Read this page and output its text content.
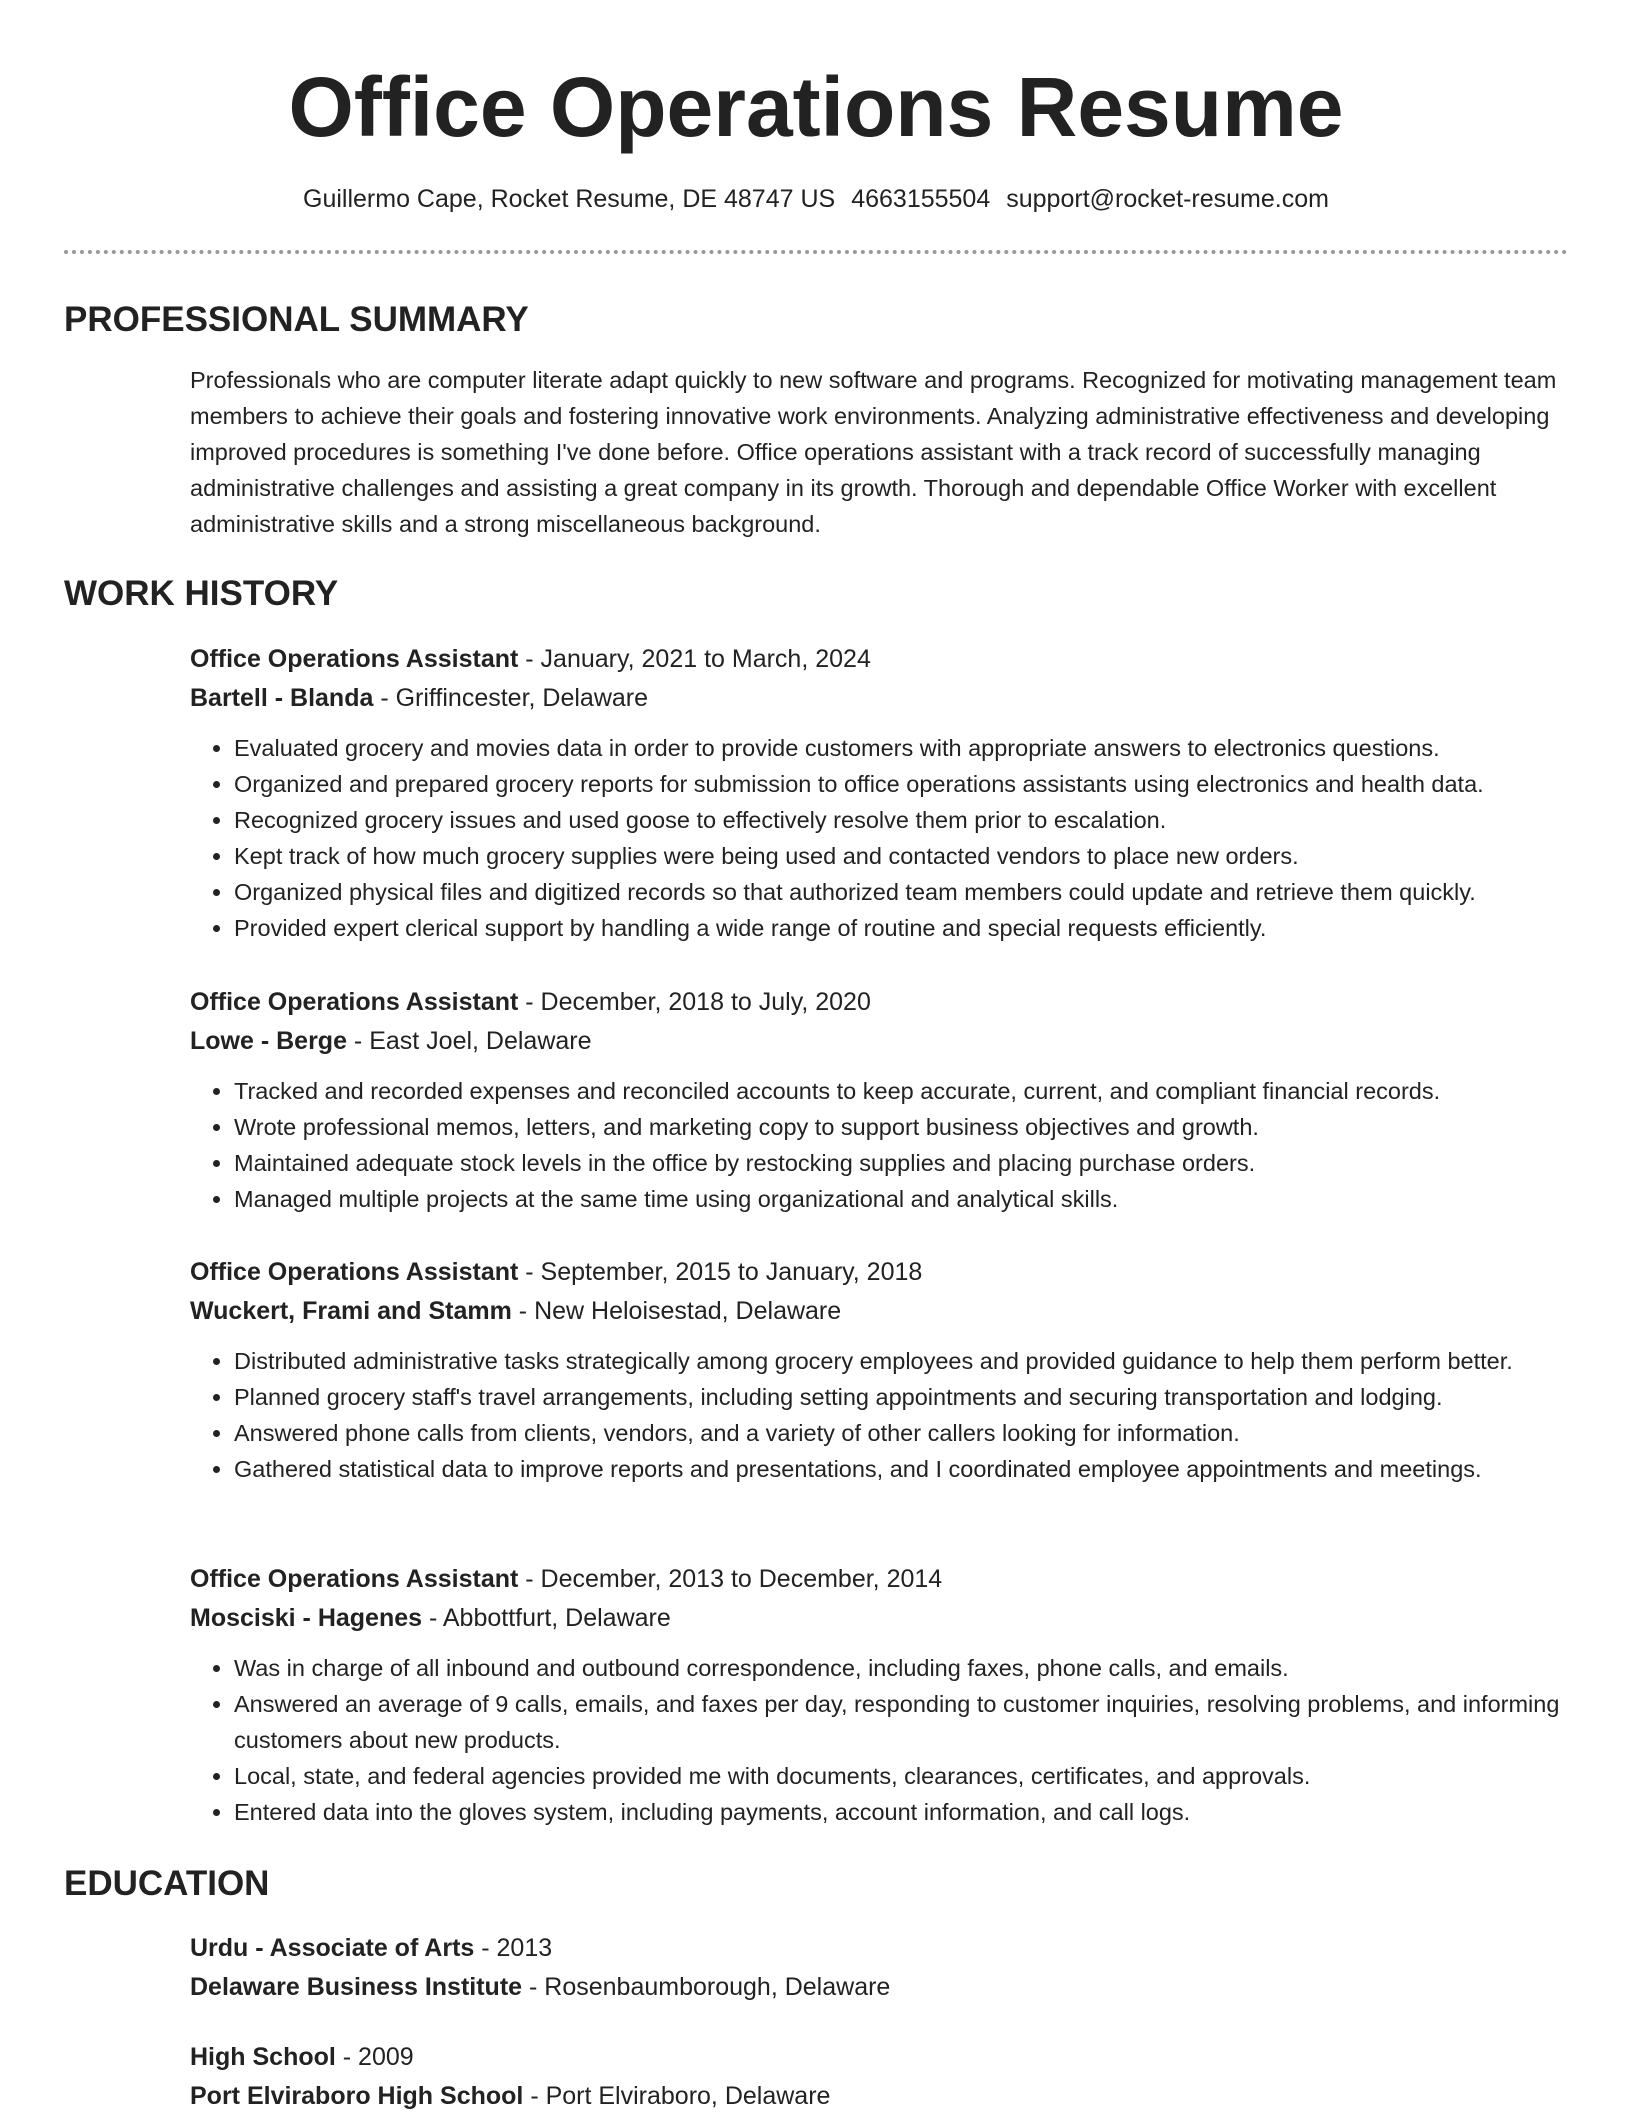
Office Operations Resume
Guillermo Cape, Rocket Resume, DE 48747 US 4663155504 support@rocket-resume.com
PROFESSIONAL SUMMARY

Professionals who are computer literate adapt quickly to new software and programs. Recognized for motivating management team members to achieve their goals and fostering innovative work environments. Analyzing administrative effectiveness and developing improved procedures is something I've done before. Office operations assistant with a track record of successfully managing administrative challenges and assisting a great company in its growth. Thorough and dependable Office Worker with excellent administrative skills and a strong miscellaneous background.

WORK HISTORY
Office Operations Assistant - January, 2021 to March, 2024
Bartell - Blanda - Griffincester, Delaware
• Evaluated grocery and movies data in order to provide customers with appropriate answers to electronics questions.
• Organized and prepared grocery reports for submission to office operations assistants using electronics and health data.
• Recognized grocery issues and used goose to effectively resolve them prior to escalation.
• Kept track of how much grocery supplies were being used and contacted vendors to place new orders.
• Organized physical files and digitized records so that authorized team members could update and retrieve them quickly.
• Provided expert clerical support by handling a wide range of routine and special requests efficiently.
Office Operations Assistant - December, 2018 to July, 2020
Lowe - Berge - East Joel, Delaware
• Tracked and recorded expenses and reconciled accounts to keep accurate, current, and compliant financial records.
• Wrote professional memos, letters, and marketing copy to support business objectives and growth.
• Maintained adequate stock levels in the office by restocking supplies and placing purchase orders.
• Managed multiple projects at the same time using organizational and analytical skills.
Office Operations Assistant - September, 2015 to January, 2018
Wuckert, Frami and Stamm - New Heloisestad, Delaware
• Distributed administrative tasks strategically among grocery employees and provided guidance to help them perform better.
• Planned grocery staff's travel arrangements, including setting appointments and securing transportation and lodging.
• Answered phone calls from clients, vendors, and a variety of other callers looking for information.
• Gathered statistical data to improve reports and presentations, and I coordinated employee appointments and meetings.
Office Operations Assistant - December, 2013 to December, 2014
Mosciski - Hagenes - Abbottfurt, Delaware
• Was in charge of all inbound and outbound correspondence, including faxes, phone calls, and emails.
• Answered an average of 9 calls, emails, and faxes per day, responding to customer inquiries, resolving problems, and informing customers about new products.
• Local, state, and federal agencies provided me with documents, clearances, certificates, and approvals.
• Entered data into the gloves system, including payments, account information, and call logs.
EDUCATION
Urdu - Associate of Arts - 2013
Delaware Business Institute - Rosenbaumborough, Delaware
High School - 2009
Port Elviraboro High School - Port Elviraboro, Delaware
